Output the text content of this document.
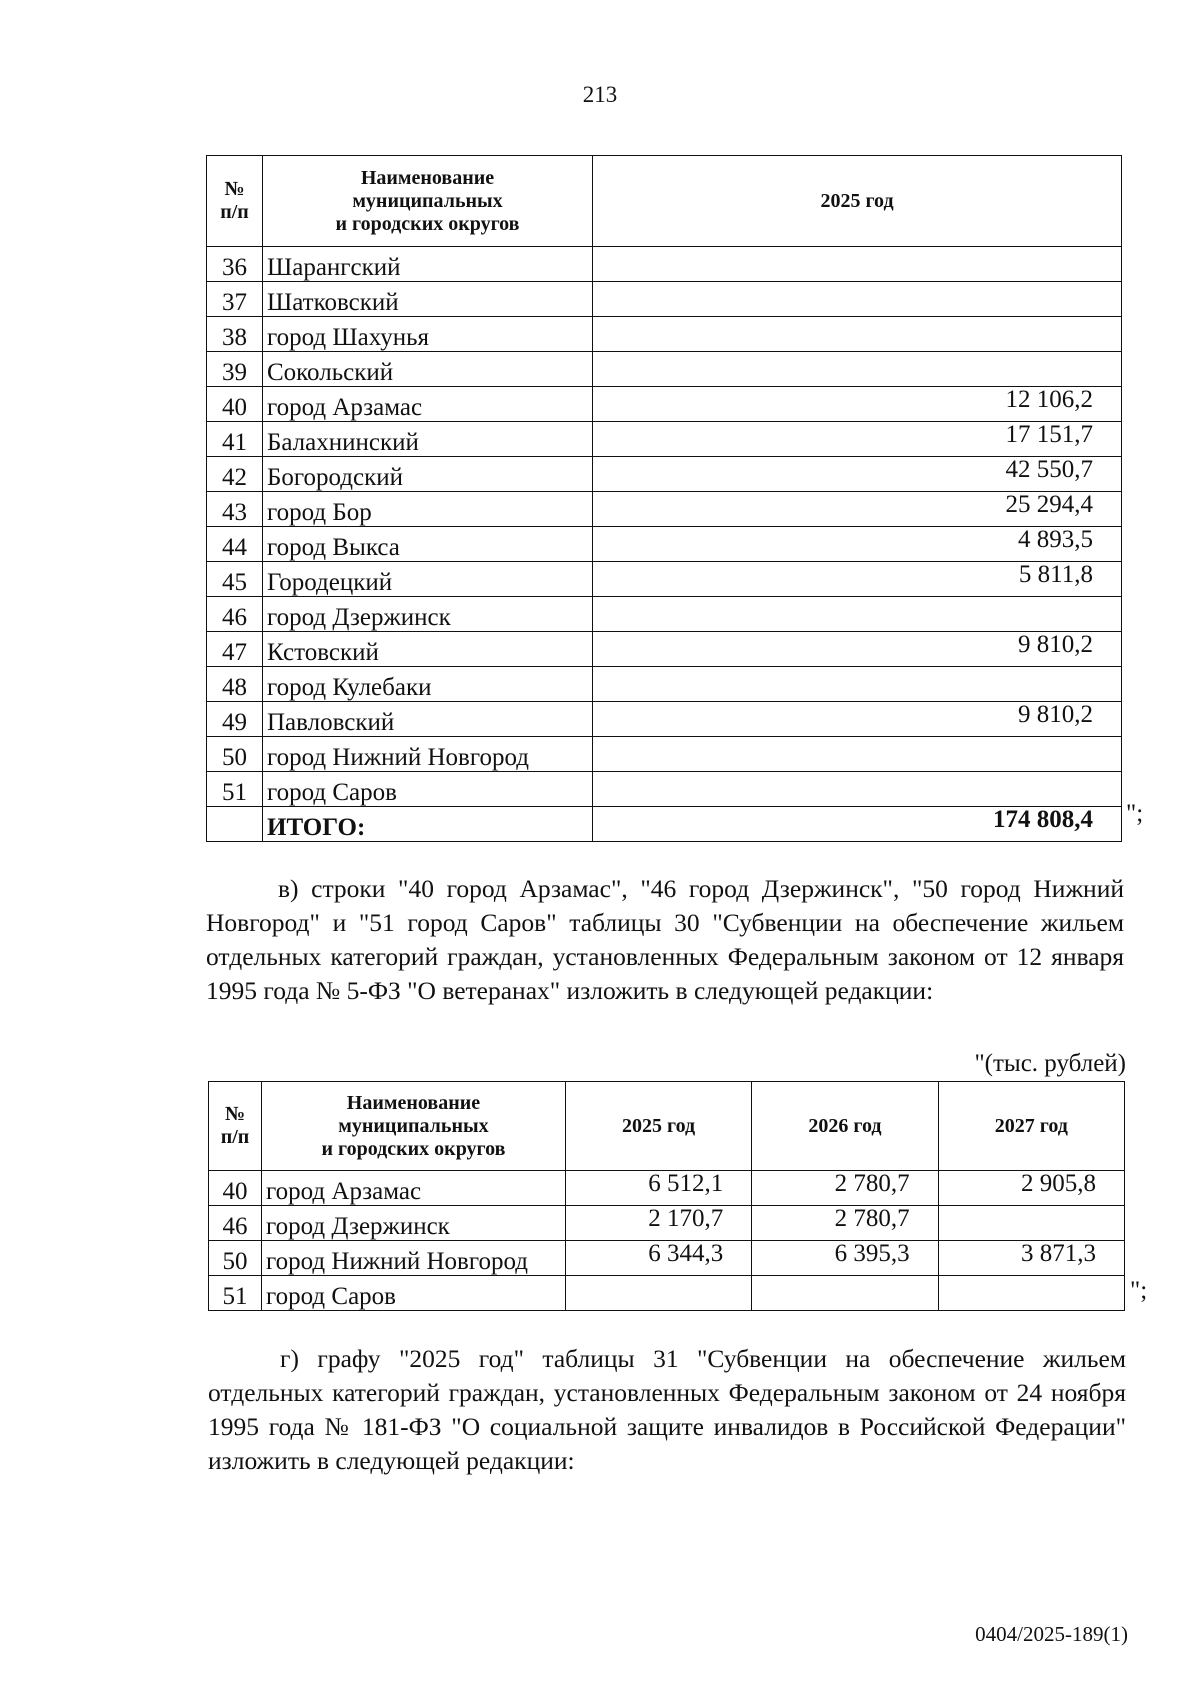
213
№
п/п	Наименование
муниципальных
и городских округов	2025 год
36	Шарангский	
37	Шатковский	
38	город Шахунья	
39	Сокольский	
40	город Арзамас	12 106,2
41	Балахнинский	17 151,7
42	Богородский	42 550,7
43	город Бор	25 294,4
44	город Выкса	4 893,5
45	Городецкий	5 811,8
46	город Дзержинск	
47	Кстовский	9 810,2
48	город Кулебаки	
49	Павловский	9 810,2
50	город Нижний Новгород	
51	город Саров	
	ИТОГО:	174 808,4 ";

в) строки "40 город Арзамас", "46 город Дзержинск", "50 город Нижний Новгород" и "51 город Саров" таблицы 30 "Субвенции на обеспечение жильем отдельных категорий граждан, установленных Федеральным законом от 12 января 1995 года № 5-ФЗ "О ветеранах" изложить в следующей редакции:

"(тыс. рублей)
№
п/п	Наименование
муниципальных
и городских округов	2025 год	2026 год	2027 год
40	город Арзамас	6 512,1	2 780,7	2 905,8
46	город Дзержинск	2 170,7	2 780,7	
50	город Нижний Новгород	6 344,3	6 395,3	3 871,3
51	город Саров				";

г) графу "2025 год" таблицы 31 "Субвенции на обеспечение жильем отдельных категорий граждан, установленных Федеральным законом от 24 ноября 1995 года № 181-ФЗ "О социальной защите инвалидов в Российской Федерации" изложить в следующей редакции:

0404/2025-189(1)
